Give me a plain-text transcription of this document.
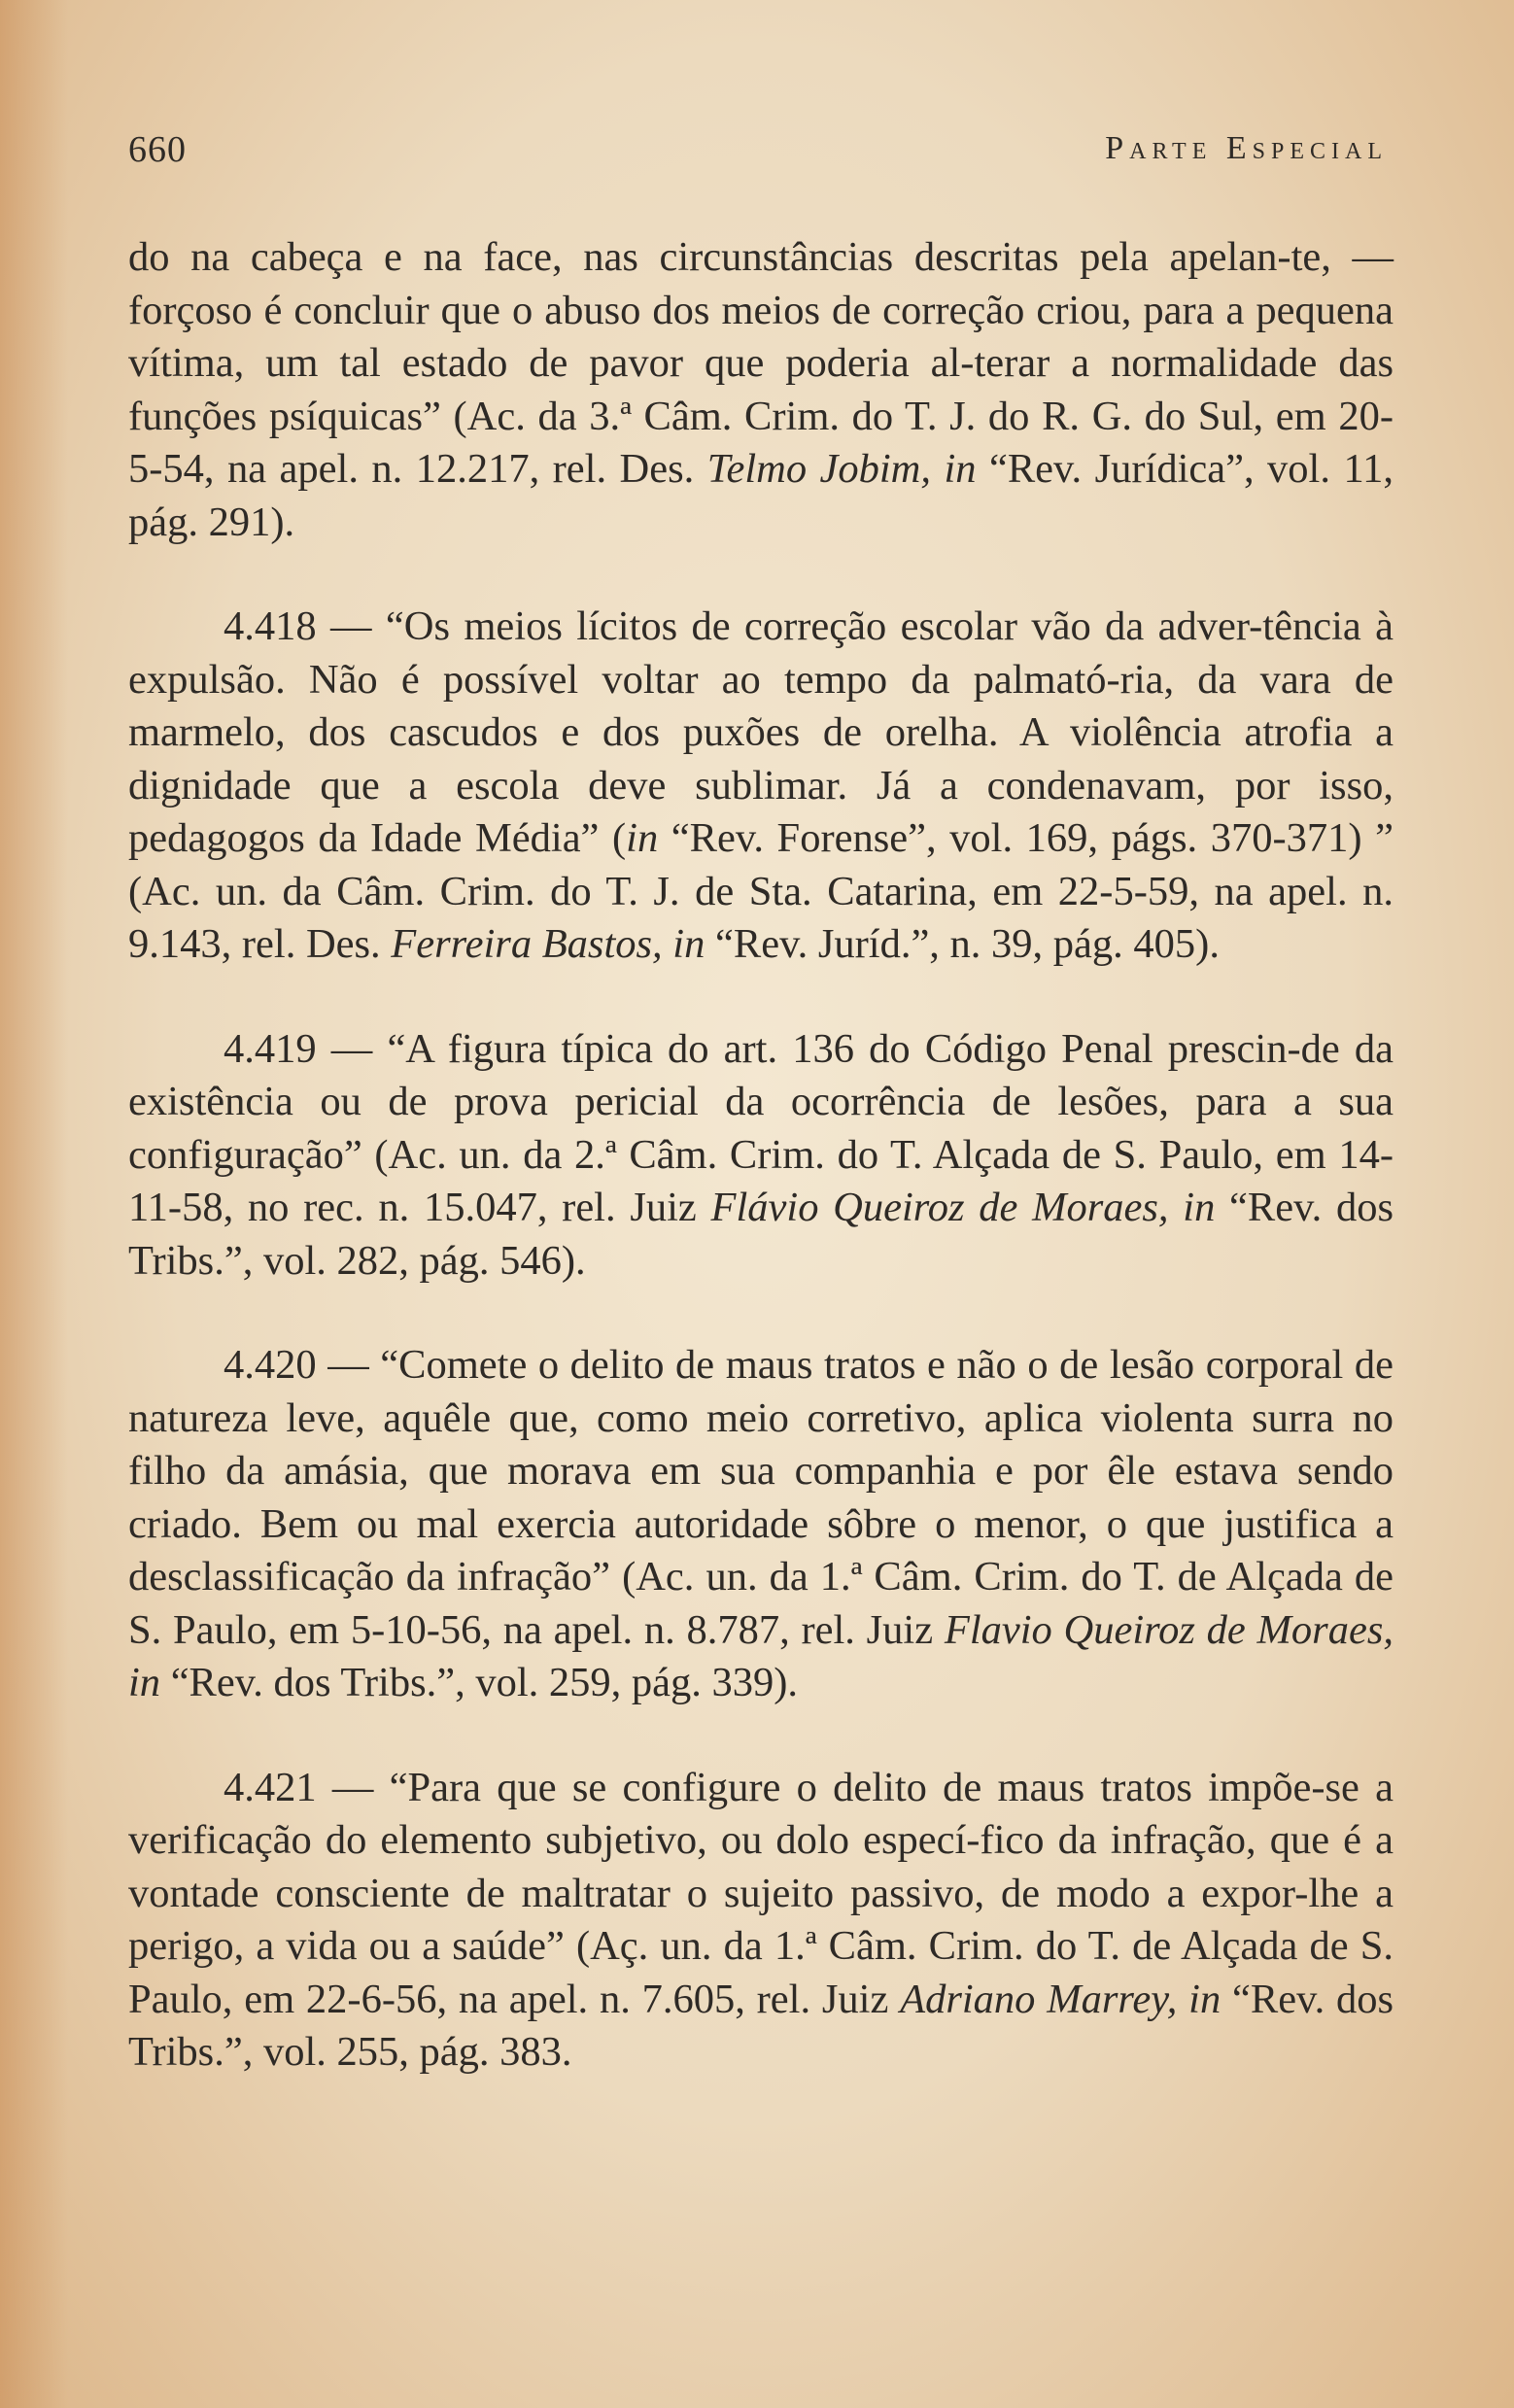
660	Parte Especial

do na cabeça e na face, nas circunstâncias descritas pela apelan-te, — forçoso é concluir que o abuso dos meios de correção criou, para a pequena vítima, um tal estado de pavor que poderia al-terar a normalidade das funções psíquicas” (Ac. da 3.ª Câm. Crim. do T. J. do R. G. do Sul, em 20-5-54, na apel. n. 12.217, rel. Des. Telmo Jobim, in “Rev. Jurídica”, vol. 11, pág. 291).

4.418 — “Os meios lícitos de correção escolar vão da adver-tência à expulsão. Não é possível voltar ao tempo da palmató-ria, da vara de marmelo, dos cascudos e dos puxões de orelha. A violência atrofia a dignidade que a escola deve sublimar. Já a condenavam, por isso, pedagogos da Idade Média” (in “Rev. Forense”, vol. 169, págs. 370-371) ” (Ac. un. da Câm. Crim. do T. J. de Sta. Catarina, em 22-5-59, na apel. n. 9.143, rel. Des. Ferreira Bastos, in “Rev. Juríd.”, n. 39, pág. 405).

4.419 — “A figura típica do art. 136 do Código Penal prescin-de da existência ou de prova pericial da ocorrência de lesões, para a sua configuração” (Ac. un. da 2.ª Câm. Crim. do T. Alçada de S. Paulo, em 14-11-58, no rec. n. 15.047, rel. Juiz Flávio Queiroz de Moraes, in “Rev. dos Tribs.”, vol. 282, pág. 546).

4.420 — “Comete o delito de maus tratos e não o de lesão corporal de natureza leve, aquêle que, como meio corretivo, aplica violenta surra no filho da amásia, que morava em sua companhia e por êle estava sendo criado. Bem ou mal exercia autoridade sôbre o menor, o que justifica a desclassificação da infração” (Ac. un. da 1.ª Câm. Crim. do T. de Alçada de S. Paulo, em 5-10-56, na apel. n. 8.787, rel. Juiz Flavio Queiroz de Moraes, in “Rev. dos Tribs.”, vol. 259, pág. 339).

4.421 — “Para que se configure o delito de maus tratos impõe-se a verificação do elemento subjetivo, ou dolo especí-fico da infração, que é a vontade consciente de maltratar o sujeito passivo, de modo a expor-lhe a perigo, a vida ou a saúde” (Aç. un. da 1.ª Câm. Crim. do T. de Alçada de S. Paulo, em 22-6-56, na apel. n. 7.605, rel. Juiz Adriano Marrey, in “Rev. dos Tribs.”, vol. 255, pág. 383.
